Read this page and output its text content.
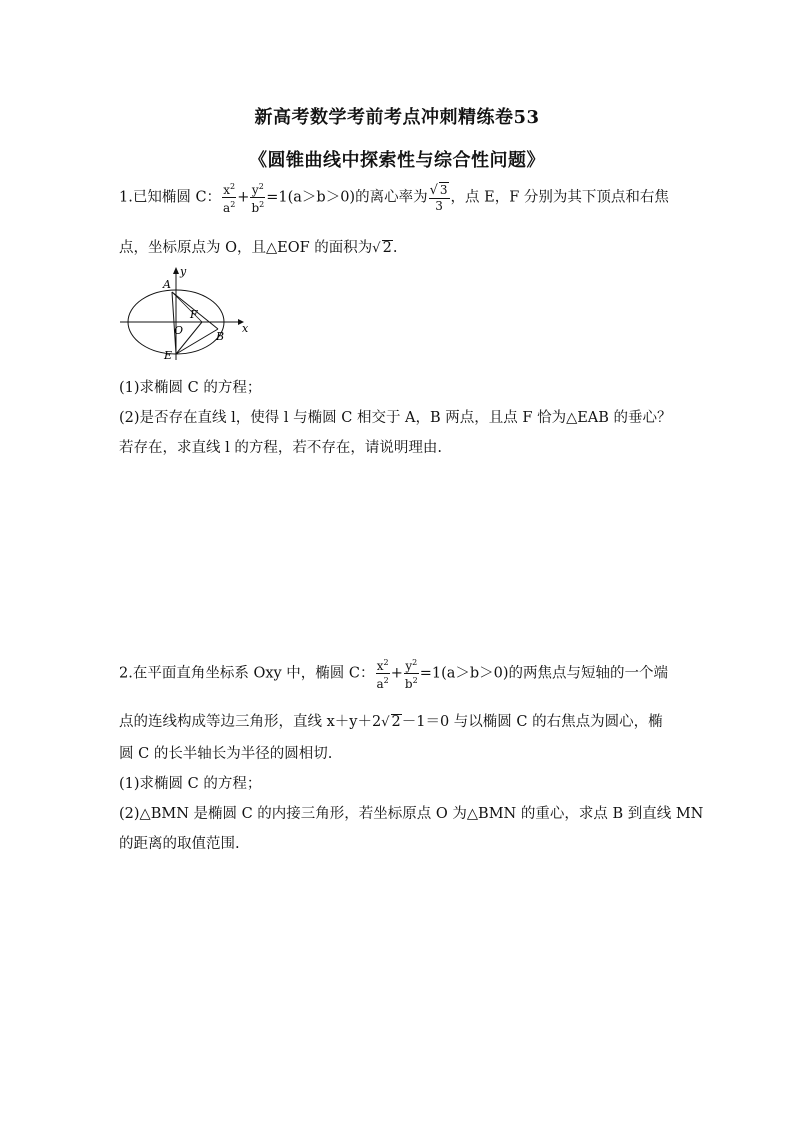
新高考数学考前考点冲刺精练卷53
《圆锥曲线中探索性与综合性问题》
1.已知椭圆 C： $\frac{x^2}{a^2} + \frac{y^2}{b^2} =1(a>b>0)$的离心率为 $\frac{√ 3}{3}$ ，点 E，F 分别为其下顶点和右焦
点，坐标原点为 O，且△EOF 的面积为√ 2.
y
x
A
O
F
B
E
(1)求椭圆 C 的方程；
(2)是否存在直线 l，使得 l 与椭圆 C 相交于 A，B 两点，且点 F 恰为△EAB 的垂心？
若存在，求直线 l 的方程，若不存在，请说明理由.
2.在平面直角坐标系 Oxy 中，椭圆 C： $\frac{x^2}{a^2} + \frac{y^2}{b^2} =1(a>b>0)$的两焦点与短轴的一个端
点的连线构成等边三角形，直线 x＋y＋2√ 2－1＝0 与以椭圆 C 的右焦点为圆心，椭
圆 C 的长半轴长为半径的圆相切.
(1)求椭圆 C 的方程；
(2)△BMN 是椭圆 C 的内接三角形，若坐标原点 O 为△BMN 的重心，求点 B 到直线 MN
的距离的取值范围.
